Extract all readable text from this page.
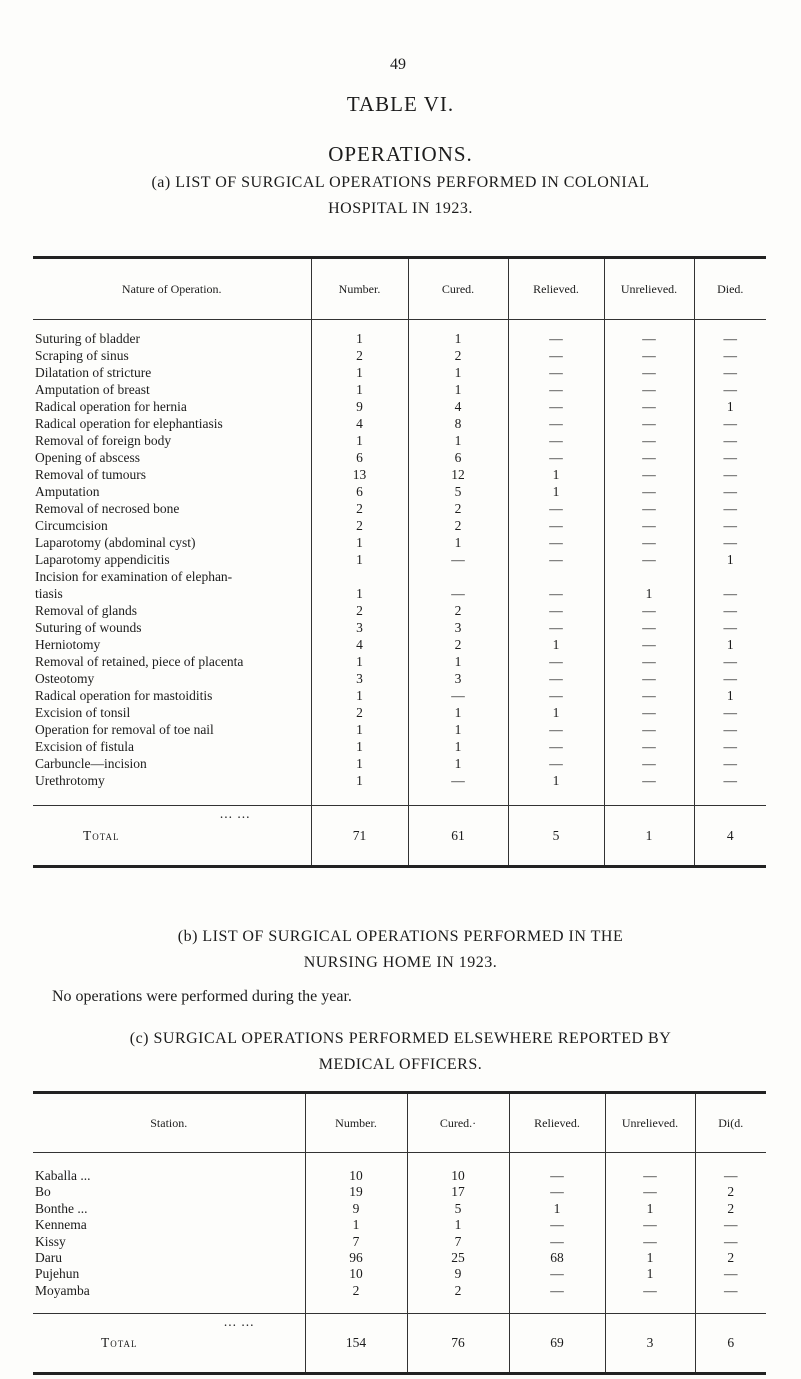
49
TABLE VI.
OPERATIONS.
(a) LIST OF SURGICAL OPERATIONS PERFORMED IN COLONIAL
HOSPITAL IN 1923.
Nature of Operation.	Number.	Cured.	Relieved.	Unrelieved.	Died.

Suturing of bladder	1	1	—	—	—
Scraping of sinus	2	2	—	—	—
Dilatation of stricture	1	1	—	—	—
Amputation of breast	1	1	—	—	—
Radical operation for hernia	9	4	—	—	1
Radical operation for elephantiasis	4	8	—	—	—
Removal of foreign body	1	1	—	—	—
Opening of abscess	6	6	—	—	—
Removal of tumours	13	12	1	—	—
Amputation	6	5	1	—	—
Removal of necrosed bone	2	2	—	—	—
Circumcision	2	2	—	—	—
Laparotomy (abdominal cyst)	1	1	—	—	—
Laparotomy appendicitis	1	—	—	—	1
Incision for examination of elephan-					
tiasis	1	—	—	1	—
Removal of glands	2	2	—	—	—
Suturing of wounds	3	3	—	—	—
Herniotomy	4	2	1	—	1
Removal of retained, piece of placenta	1	1	—	—	—
Osteotomy	3	3	—	—	—
Radical operation for mastoiditis	1	—	—	—	1
Excision of tonsil	2	1	1	—	—
Operation for removal of toe nail	1	1	—	—	—
Excision of fistula	1	1	—	—	—
Carbuncle—incision	1	1	—	—	—
Urethrotomy	1	—	1	—	—

Total
... ...	71	61	5	1	4
(b) LIST OF SURGICAL OPERATIONS PERFORMED IN THE
NURSING HOME IN 1923.
No operations were performed during the year.
(c) SURGICAL OPERATIONS PERFORMED ELSEWHERE REPORTED BY
MEDICAL OFFICERS.
Station.	Number.	Cured.·	Relieved.	Unrelieved.	Di(d.

Kaballa ...	10	10	—	—	—
Bo	19	17	—	—	2
Bonthe ...	9	5	1	1	2
Kennema	1	1	—	—	—
Kissy	7	7	—	—	—
Daru	96	25	68	1	2
Pujehun	10	9	—	1	—
Moyamba	2	2	—	—	—

Total
... ...	154	76	69	3	6
